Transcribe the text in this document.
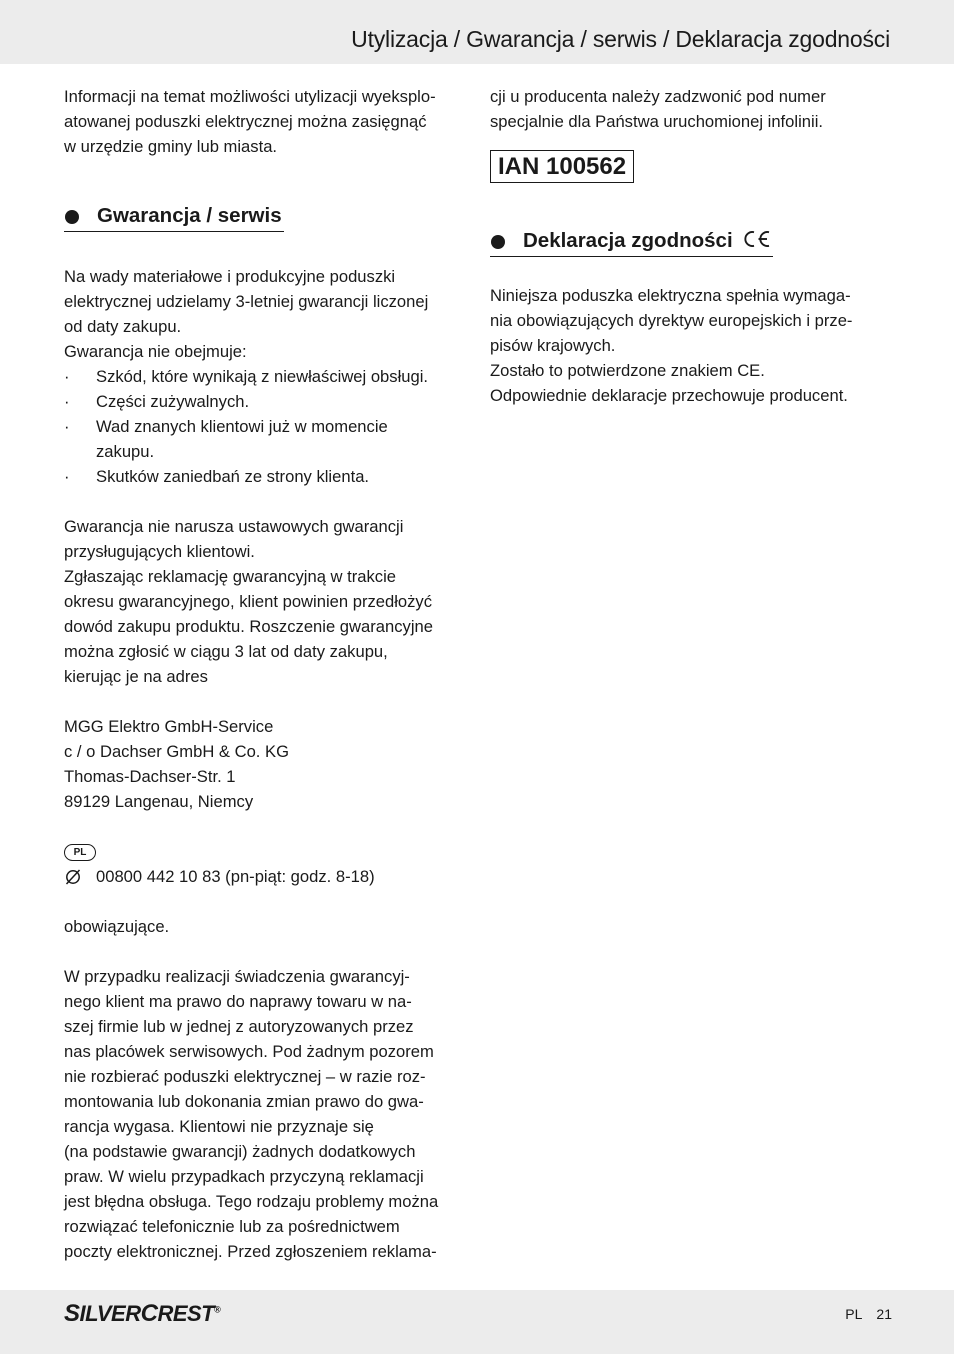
Utylizacja / Gwarancja / serwis / Deklaracja zgodności

Informacji na temat możliwości utylizacji wyeksplo-

atowanej poduszki elektrycznej można zasięgnąć

w urzędzie gminy lub miasta.

Gwarancja / serwis

Na wady materiałowe i produkcyjne poduszki

elektrycznej udzielamy 3-letniej gwarancji liczonej

od daty zakupu.

Gwarancja nie obejmuje:

· Szkód, które wynikają z niewłaściwej obsługi.

· Części zużywalnych.

· Wad znanych klientowi już w momencie

zakupu.

· Skutków zaniedbań ze strony klienta.

Gwarancja nie narusza ustawowych gwarancji

przysługujących klientowi.

Zgłaszając reklamację gwarancyjną w trakcie

okresu gwarancyjnego, klient powinien przedłożyć

dowód zakupu produktu. Roszczenie gwarancyjne

można zgłosić w ciągu 3 lat od daty zakupu,

kierując je na adres

MGG Elektro GmbH-Service

c / o Dachser GmbH & Co. KG

Thomas-Dachser-Str. 1

89129 Langenau, Niemcy

PL

00800 442 10 83 (pn-piąt: godz. 8-18)

obowiązujące.

W przypadku realizacji świadczenia gwarancyj-

nego klient ma prawo do naprawy towaru w na-

szej firmie lub w jednej z autoryzowanych przez

nas placówek serwisowych. Pod żadnym pozorem

nie rozbierać poduszki elektrycznej – w razie roz-

montowania lub dokonania zmian prawo do gwa-

rancja wygasa. Klientowi nie przyznaje się

(na podstawie gwarancji) żadnych dodatkowych

praw. W wielu przypadkach przyczyną reklamacji

jest błędna obsługa. Tego rodzaju problemy można

rozwiązać telefonicznie lub za pośrednictwem

poczty elektronicznej. Przed zgłoszeniem reklama-

cji u producenta należy zadzwonić pod numer

specjalnie dla Państwa uruchomionej infolinii.

IAN 100562
Deklaracja zgodności

Niniejsza poduszka elektryczna spełnia wymaga-

nia obowiązujących dyrektyw europejskich i prze-

pisów krajowych.

Zostało to potwierdzone znakiem CE.

Odpowiednie deklaracje przechowuje producent.

SILVERCREST®	PL 21
